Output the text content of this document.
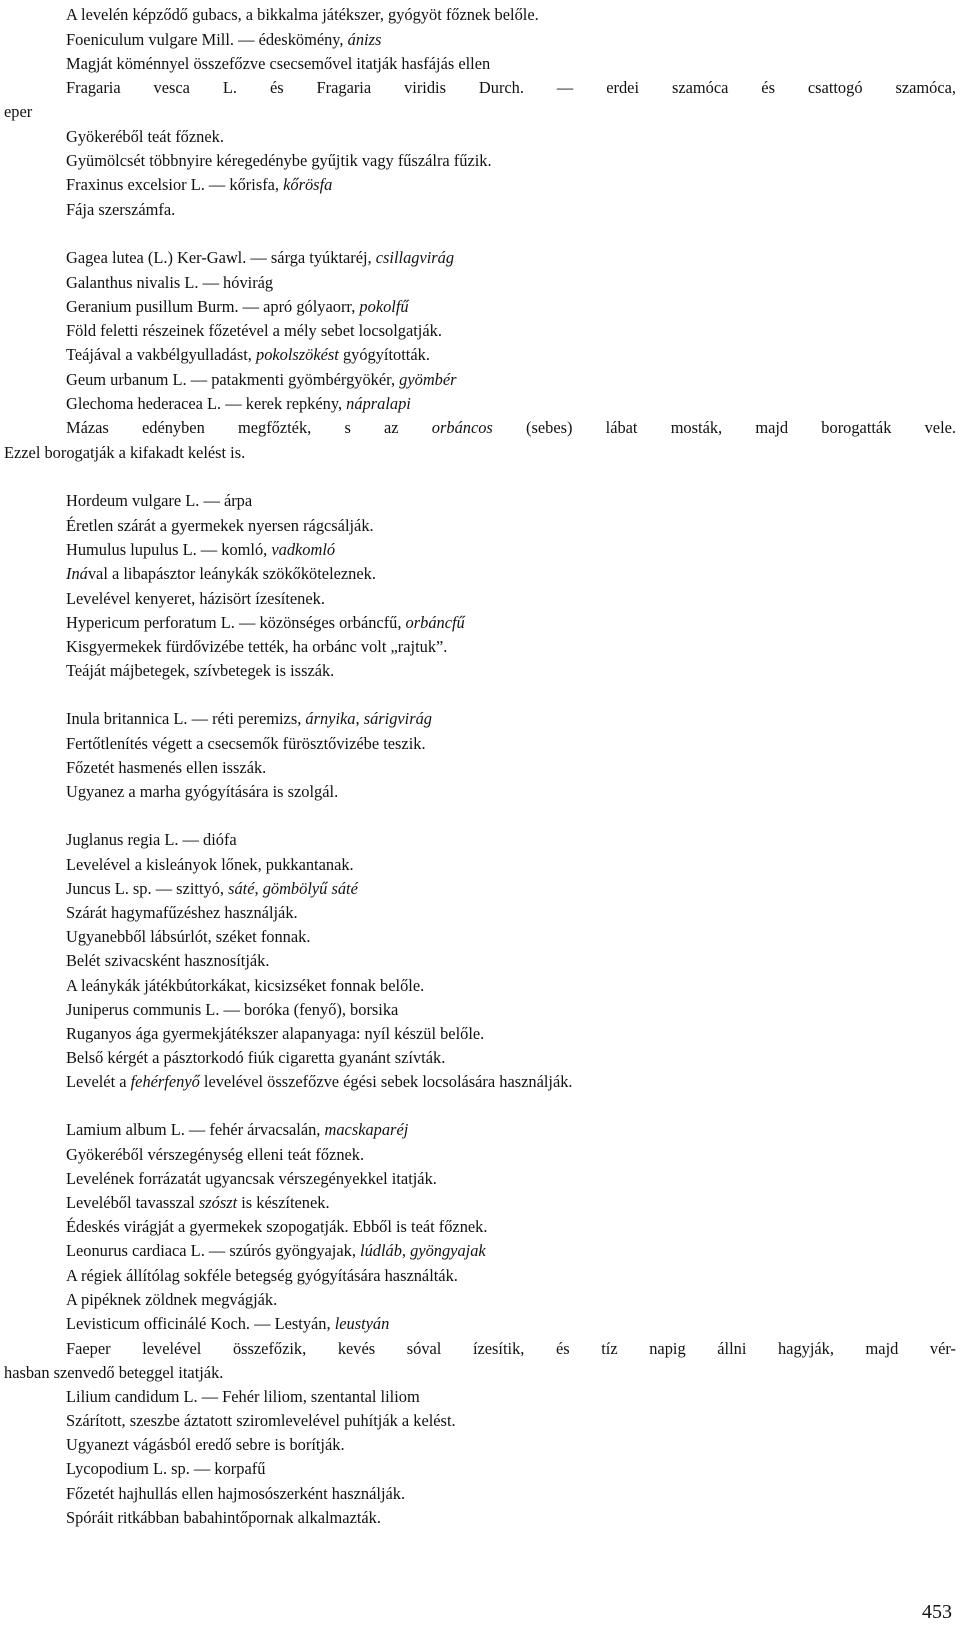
A levelén képződő gubacs, a bikkalma játékszer, gyógyöt főznek belőle.
Foeniculum vulgare Mill. — édeskömény, ánizs
Magját köménnyel összefőzve csecsemővel itatják hasfájás ellen
Fragaria vesca L. és Fragaria viridis Durch. — erdei szamóca és csattogó szamóca,
eper
Gyökeréből teát főznek.
Gyümölcsét többnyire kéregedénybe gyűjtik vagy fűszálra fűzik.
Fraxinus excelsior L. — kőrisfa, kőrösfa
Fája szerszámfa.
Gagea lutea (L.) Ker-Gawl. — sárga tyúktaréj, csillagvirág
Galanthus nivalis L. — hóvirág
Geranium pusillum Burm. — apró gólyaorr, pokolfű
Föld feletti részeinek főzetével a mély sebet locsolgatják.
Teájával a vakbélgyulladást, pokolszökést gyógyították.
Geum urbanum L. — patakmenti gyömbérgyökér, gyömbér
Glechoma hederacea L. — kerek repkény, nápralapi
Mázas edényben megfőzték, s az orbáncos (sebes) lábat mosták, majd borogatták vele.
Ezzel borogatják a kifakadt kelést is.
Hordeum vulgare L. — árpa
Éretlen szárát a gyermekek nyersen rágcsálják.
Humulus lupulus L. — komló, vadkomló
Inával a libapásztor leánykák szökőköteleznek.
Levelével kenyeret, házisört ízesítenek.
Hypericum perforatum L. — közönséges orbáncfű, orbáncfű
Kisgyermekek fürdővizébe tették, ha orbánc volt „rajtuk”.
Teáját májbetegek, szívbetegek is isszák.
Inula britannica L. — réti peremizs, árnyika, sárigvirág
Fertőtlenítés végett a csecsemők fürösztővizébe teszik.
Főzetét hasmenés ellen isszák.
Ugyanez a marha gyógyítására is szolgál.
Juglanus regia L. — diófa
Levelével a kisleányok lőnek, pukkantanak.
Juncus L. sp. — szittyó, sáté, gömbölyű sáté
Szárát hagymafűzéshez használják.
Ugyanebből lábsúrlót, széket fonnak.
Belét szivacsként hasznosítják.
A leánykák játékbútorkákat, kicsizséket fonnak belőle.
Juniperus communis L. — boróka (fenyő), borsika
Ruganyos ága gyermekjátékszer alapanyaga: nyíl készül belőle.
Belső kérgét a pásztorkodó fiúk cigaretta gyanánt szívták.
Levelét a fehérfenyő levelével összefőzve égési sebek locsolására használják.
Lamium album L. — fehér árvacsalán, macskaparéj
Gyökeréből vérszegénység elleni teát főznek.
Levelének forrázatát ugyancsak vérszegényekkel itatják.
Leveléből tavasszal szószt is készítenek.
Édeskés virágját a gyermekek szopogatják. Ebből is teát főznek.
Leonurus cardiaca L. — szúrós gyöngyajak, lúdláb, gyöngyajak
A régiek állítólag sokféle betegség gyógyítására használták.
A pipéknek zöldnek megvágják.
Levisticum officinálé Koch. — Lestyán, leustyán
Faeper levelével összefőzik, kevés sóval ízesítik, és tíz napig állni hagyják, majd vér-
hasban szenvedő beteggel itatják.
Lilium candidum L. — Fehér liliom, szentantal liliom
Szárított, szeszbe áztatott sziromlevelével puhítják a kelést.
Ugyanezt vágásból eredő sebre is borítják.
Lycopodium L. sp. — korpafű
Főzetét hajhullás ellen hajmosószerként használják.
Spóráit ritkábban babahintőpornak alkalmazták.
453
